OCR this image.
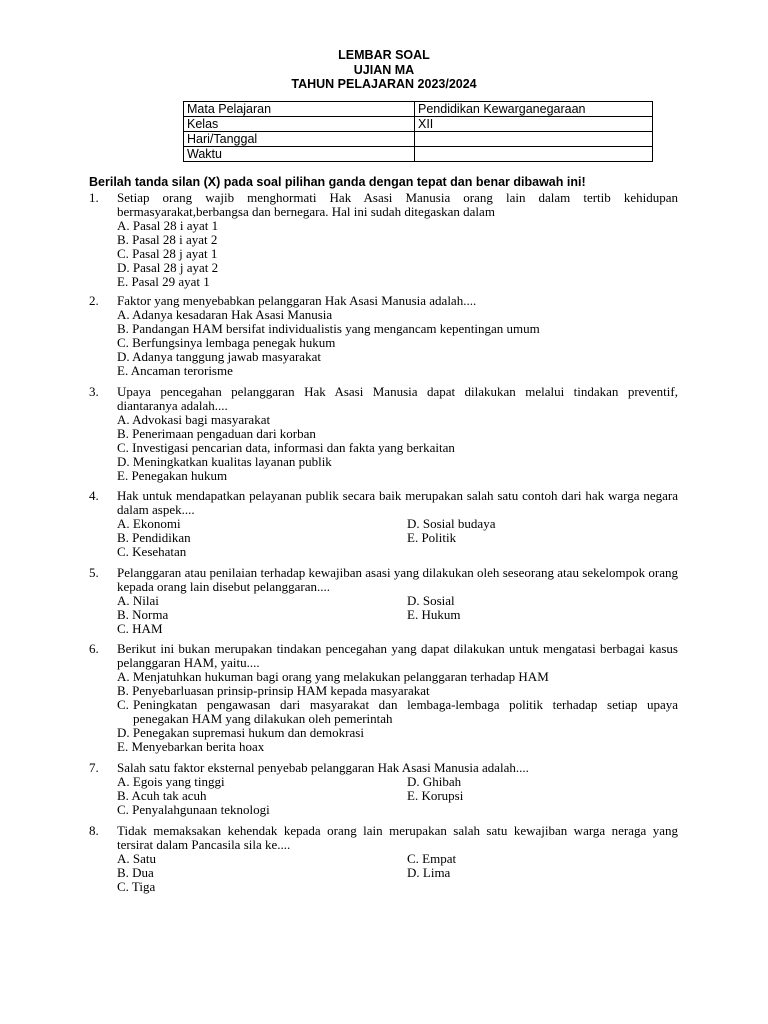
LEMBAR SOAL
UJIAN MA
TAHUN PELAJARAN 2023/2024
Mata Pelajaran	Pendidikan Kewarganegaraan
Kelas	XII
Hari/Tanggal	
Waktu	
Berilah tanda silan (X) pada soal pilihan ganda dengan tepat dan benar dibawah ini!
1. Setiap orang wajib menghormati Hak Asasi Manusia orang lain dalam tertib kehidupan bermasyarakat,berbangsa dan bernegara. Hal ini sudah ditegaskan dalam
A. Pasal 28 i ayat 1
B. Pasal 28 i ayat 2
C. Pasal 28 j ayat 1
D. Pasal 28 j ayat 2
E. Pasal 29 ayat 1
2. Faktor yang menyebabkan pelanggaran Hak Asasi Manusia adalah....
A. Adanya kesadaran Hak Asasi Manusia
B. Pandangan HAM bersifat individualistis yang mengancam kepentingan umum
C. Berfungsinya lembaga penegak hukum
D. Adanya tanggung jawab masyarakat
E. Ancaman terorisme
3. Upaya pencegahan pelanggaran Hak Asasi Manusia dapat dilakukan melalui tindakan preventif, diantaranya adalah....
A. Advokasi bagi masyarakat
B. Penerimaan pengaduan dari korban
C. Investigasi pencarian data, informasi dan fakta yang berkaitan
D. Meningkatkan kualitas layanan publik
E. Penegakan hukum
4. Hak untuk mendapatkan pelayanan publik secara baik merupakan salah satu contoh dari hak warga negara dalam aspek....
A. Ekonomi	D. Sosial budaya
B. Pendidikan	E. Politik
C. Kesehatan
5. Pelanggaran atau penilaian terhadap kewajiban asasi yang dilakukan oleh seseorang atau sekelompok orang kepada orang lain disebut pelanggaran....
A. Nilai	D. Sosial
B. Norma	E. Hukum
C. HAM
6. Berikut ini bukan merupakan tindakan pencegahan yang dapat dilakukan untuk mengatasi berbagai kasus pelanggaran HAM, yaitu....
A. Menjatuhkan hukuman bagi orang yang melakukan pelanggaran terhadap HAM
B. Penyebarluasan prinsip-prinsip HAM kepada masyarakat
C. Peningkatan pengawasan dari masyarakat dan lembaga-lembaga politik terhadap setiap upaya penegakan HAM yang dilakukan oleh pemerintah
D. Penegakan supremasi hukum dan demokrasi
E. Menyebarkan berita hoax
7. Salah satu faktor eksternal penyebab pelanggaran Hak Asasi Manusia adalah....
A. Egois yang tinggi	D. Ghibah
B. Acuh tak acuh	E. Korupsi
C. Penyalahgunaan teknologi
8. Tidak memaksakan kehendak kepada orang lain merupakan salah satu kewajiban warga neraga yang tersirat dalam Pancasila sila ke....
A. Satu	C. Empat
B. Dua	D. Lima
C. Tiga
